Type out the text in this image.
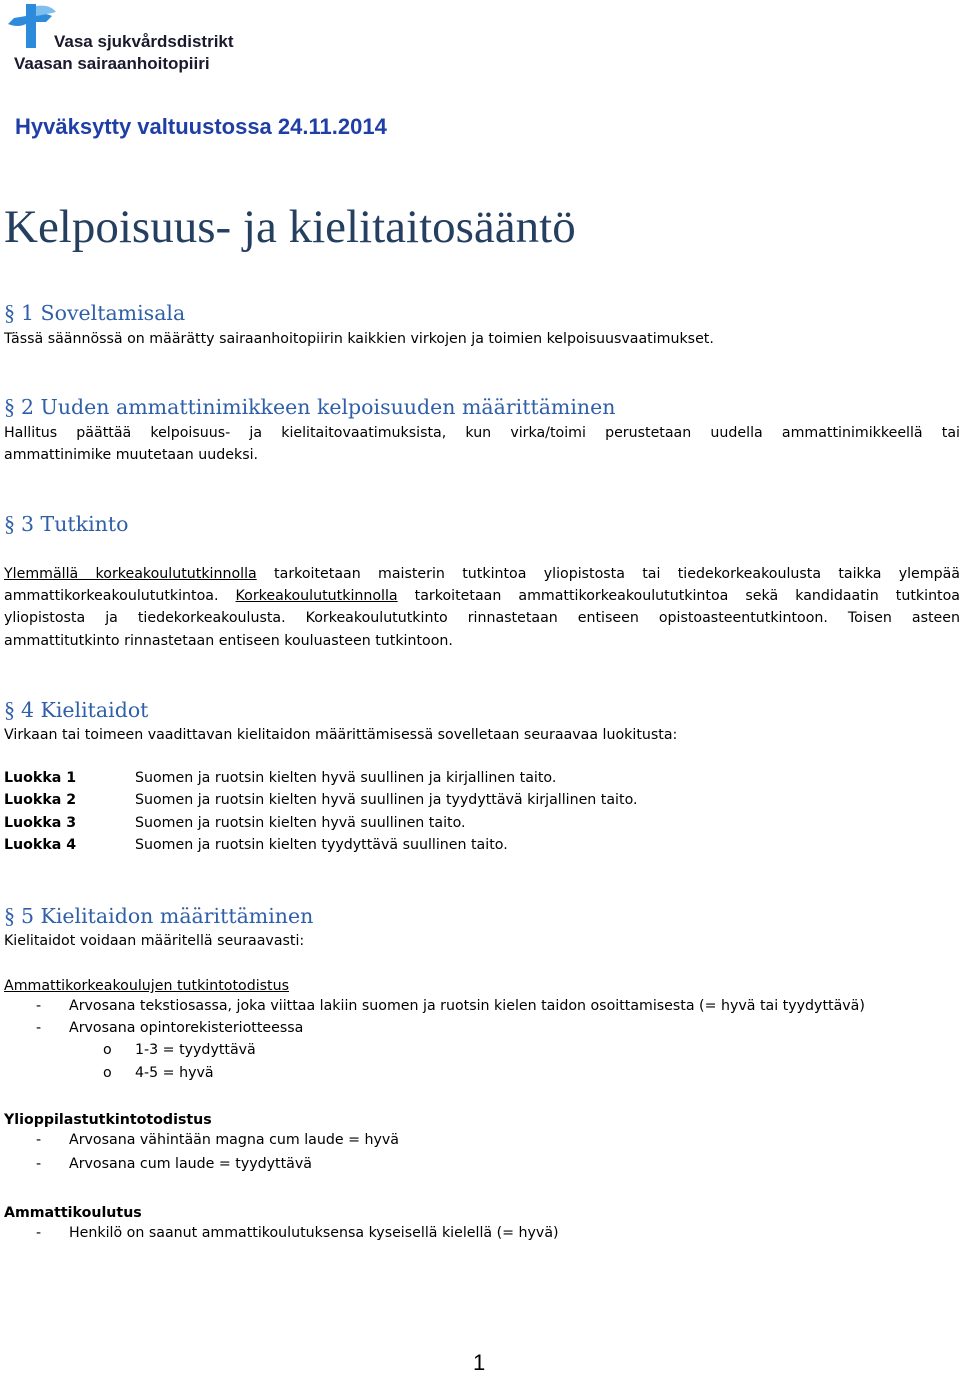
Vasa sjukvårdsdistrikt
Vaasan sairaanhoitopiiri
Hyväksytty valtuustossa 24.11.2014
Kelpoisuus- ja kielitaitosääntö
§ 1 Soveltamisala
Tässä säännössä on määrätty sairaanhoitopiirin kaikkien virkojen ja toimien kelpoisuusvaatimukset.
§ 2 Uuden ammattinimikkeen kelpoisuuden määrittäminen
Hallitus päättää kelpoisuus- ja kielitaitovaatimuksista, kun virka/toimi perustetaan uudella ammattinimikkeellä tai
ammattinimike muutetaan uudeksi.
§ 3 Tutkinto
Ylemmällä korkeakoulututkinnolla tarkoitetaan maisterin tutkintoa yliopistosta tai tiedekorkeakoulusta taikka ylempää
ammattikorkeakoulututkintoa. Korkeakoulututkinnolla tarkoitetaan ammattikorkeakoulututkintoa sekä kandidaatin tutkintoa
yliopistosta ja tiedekorkeakoulusta. Korkeakoulututkinto rinnastetaan entiseen opistoasteentutkintoon. Toisen asteen
ammattitutkinto rinnastetaan entiseen kouluasteen tutkintoon.
§ 4 Kielitaidot
Virkaan tai toimeen vaadittavan kielitaidon määrittämisessä sovelletaan seuraavaa luokitusta:
Luokka 1	Suomen ja ruotsin kielten hyvä suullinen ja kirjallinen taito.
Luokka 2	Suomen ja ruotsin kielten hyvä suullinen ja tyydyttävä kirjallinen taito.
Luokka 3	Suomen ja ruotsin kielten hyvä suullinen taito.
Luokka 4	Suomen ja ruotsin kielten tyydyttävä suullinen taito.
§ 5 Kielitaidon määrittäminen
Kielitaidot voidaan määritellä seuraavasti:
Ammattikorkeakoulujen tutkintotodistus
- Arvosana tekstiosassa, joka viittaa lakiin suomen ja ruotsin kielen taidon osoittamisesta (= hyvä tai tyydyttävä)
- Arvosana opintorekisteriotteessa
o 1-3 = tyydyttävä
o 4-5 = hyvä
Ylioppilastutkintotodistus
- Arvosana vähintään magna cum laude = hyvä
- Arvosana cum laude = tyydyttävä
Ammattikoulutus
- Henkilö on saanut ammattikoulutuksensa kyseisellä kielellä (= hyvä)
1
